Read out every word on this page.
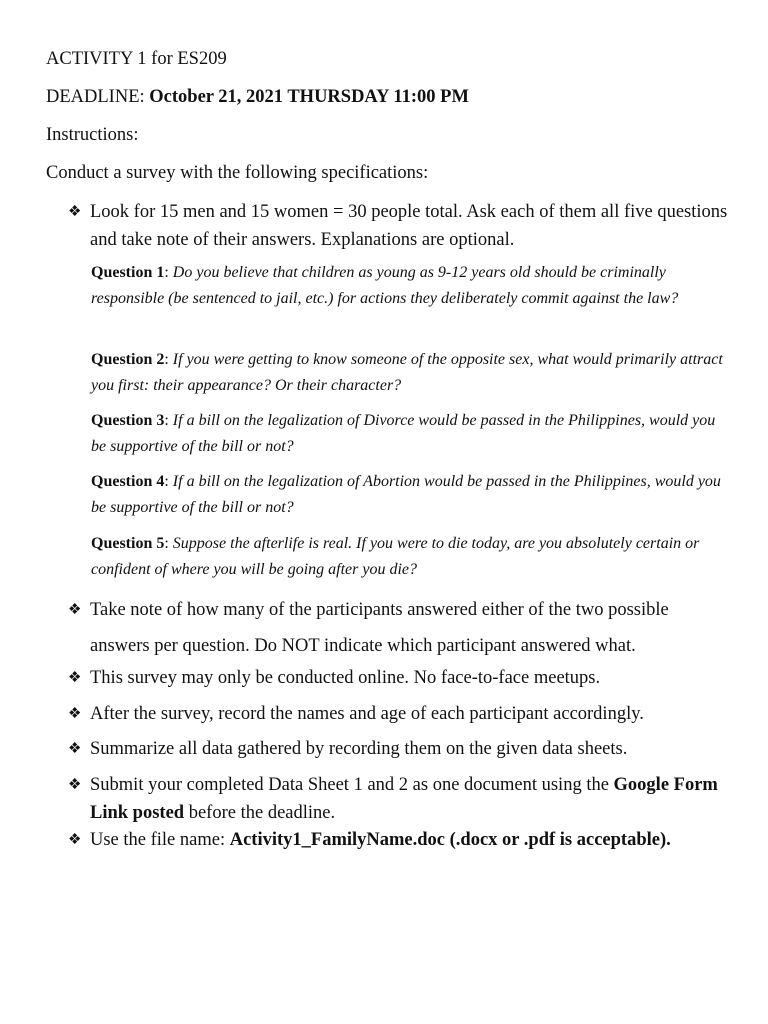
ACTIVITY 1 for ES209
DEADLINE: October 21, 2021 THURSDAY 11:00 PM
Instructions:
Conduct a survey with the following specifications:
❖ Look for 15 men and 15 women = 30 people total. Ask each of them all five questions and take note of their answers. Explanations are optional.
Question 1: Do you believe that children as young as 9-12 years old should be criminally responsible (be sentenced to jail, etc.) for actions they deliberately commit against the law?
Question 2: If you were getting to know someone of the opposite sex, what would primarily attract you first: their appearance? Or their character?
Question 3: If a bill on the legalization of Divorce would be passed in the Philippines, would you be supportive of the bill or not?
Question 4: If a bill on the legalization of Abortion would be passed in the Philippines, would you be supportive of the bill or not?
Question 5: Suppose the afterlife is real. If you were to die today, are you absolutely certain or confident of where you will be going after you die?
❖ Take note of how many of the participants answered either of the two possible answers per question. Do NOT indicate which participant answered what.
❖ This survey may only be conducted online. No face-to-face meetups.
❖ After the survey, record the names and age of each participant accordingly.
❖ Summarize all data gathered by recording them on the given data sheets.
❖ Submit your completed Data Sheet 1 and 2 as one document using the Google Form Link posted before the deadline.
❖ Use the file name: Activity1_FamilyName.doc (.docx or .pdf is acceptable).
